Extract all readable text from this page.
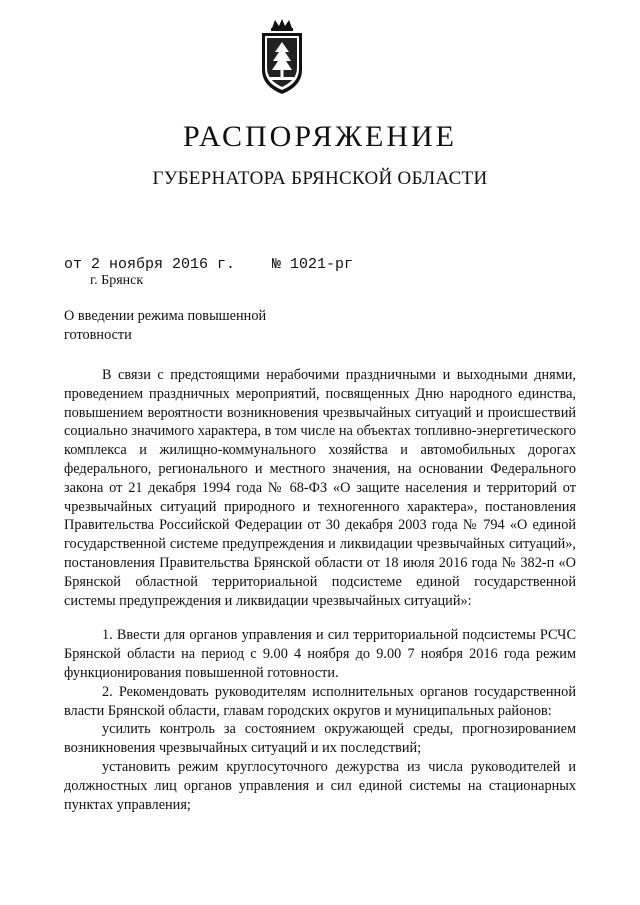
РАСПОРЯЖЕНИЕ
ГУБЕРНАТОРА БРЯНСКОЙ ОБЛАСТИ
от 2 ноября 2016 г. № 1021-рг
г. Брянск

О введении режима повышенной готовности

В связи с предстоящими нерабочими праздничными и выходными днями, проведением праздничных мероприятий, посвященных Дню народного единства, повышением вероятности возникновения чрезвычайных ситуаций и происшествий социально значимого характера, в том числе на объектах топливно-энергетического комплекса и жилищно-коммунального хозяйства и автомобильных дорогах федерального, регионального и местного значения, на основании Федерального закона от 21 декабря 1994 года № 68-ФЗ «О защите населения и территорий от чрезвычайных ситуаций природного и техногенного характера», постановления Правительства Российской Федерации от 30 декабря 2003 года № 794 «О единой государственной системе предупреждения и ликвидации чрезвычайных ситуаций», постановления Правительства Брянской области от 18 июля 2016 года № 382-п «О Брянской областной территориальной подсистеме единой государственной системы предупреждения и ликвидации чрезвычайных ситуаций»:

1. Ввести для органов управления и сил территориальной подсистемы РСЧС Брянской области на период с 9.00 4 ноября до 9.00 7 ноября 2016 года режим функционирования повышенной готовности.

2. Рекомендовать руководителям исполнительных органов государственной власти Брянской области, главам городских округов и муниципальных районов:

усилить контроль за состоянием окружающей среды, прогнозированием возникновения чрезвычайных ситуаций и их последствий;

установить режим круглосуточного дежурства из числа руководителей и должностных лиц органов управления и сил единой системы на стационарных пунктах управления;
